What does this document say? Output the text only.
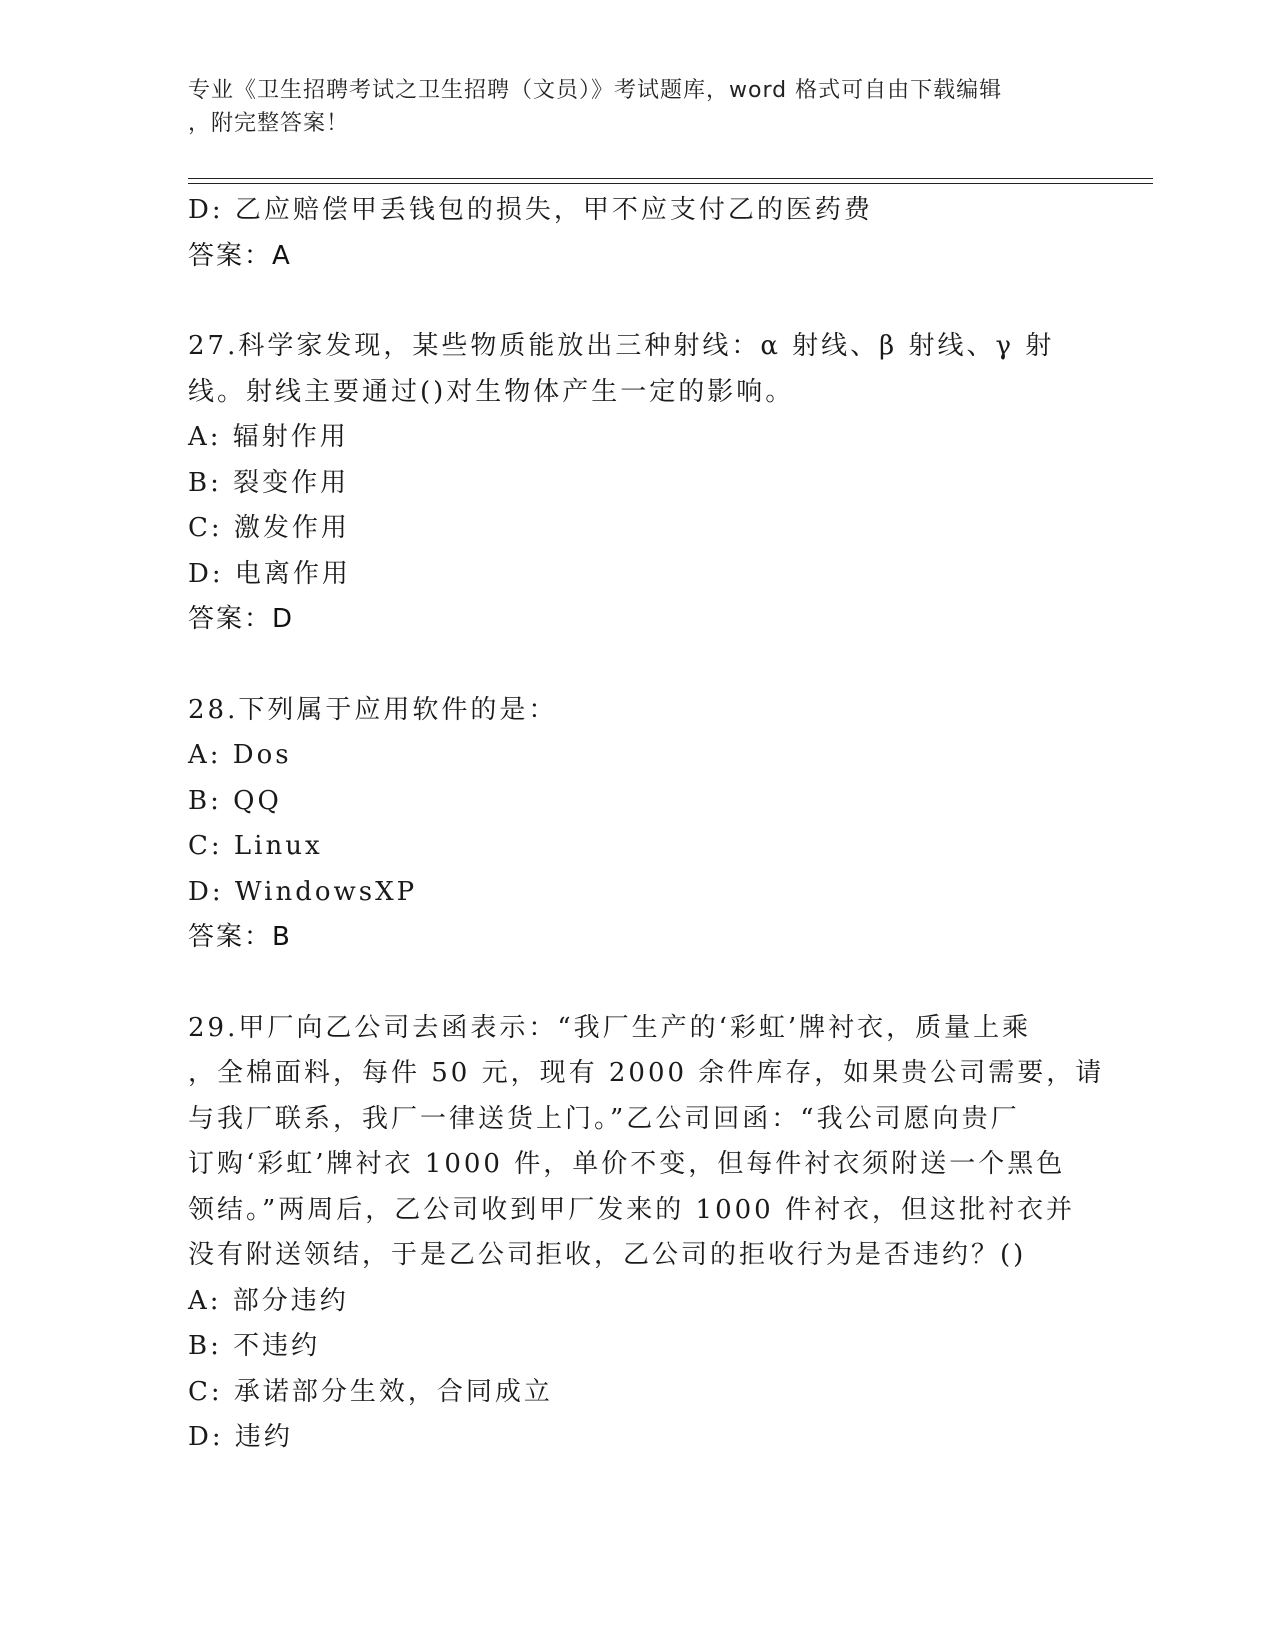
专业《卫生招聘考试之卫生招聘（文员）》考试题库，word 格式可自由下载编辑
，附完整答案！

D: 乙应赔偿甲丢钱包的损失，甲不应支付乙的医药费

答案：A

27.科学家发现，某些物质能放出三种射线：α 射线、β 射线、γ 射
线。射线主要通过()对生物体产生一定的影响。

A: 辐射作用

B: 裂变作用

C: 激发作用

D: 电离作用

答案：D

28.下列属于应用软件的是：

A: Dos

B: QQ

C: Linux

D: WindowsXP

答案：B

29.甲厂向乙公司去函表示：“我厂生产的‘彩虹’牌衬衣，质量上乘
，全棉面料，每件 50 元，现有 2000 余件库存，如果贵公司需要，请
与我厂联系，我厂一律送货上门。”乙公司回函：“我公司愿向贵厂
订购‘彩虹’牌衬衣 1000 件，单价不变，但每件衬衣须附送一个黑色
领结。”两周后，乙公司收到甲厂发来的 1000 件衬衣，但这批衬衣并
没有附送领结，于是乙公司拒收，乙公司的拒收行为是否违约？()

A: 部分违约

B: 不违约

C: 承诺部分生效，合同成立

D: 违约
